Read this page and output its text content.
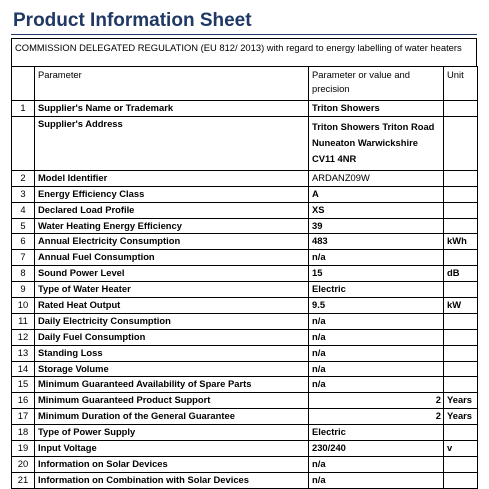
Product Information Sheet
COMMISSION DELEGATED REGULATION (EU 812/ 2013) with regard to energy labelling of water heaters
	Parameter	Parameter or value and precision	Unit
1	Supplier's Name or Trademark	Triton Showers	
	Supplier's Address	Triton Showers Triton Road Nuneaton Warwickshire CV11 4NR	
2	Model Identifier	ARDANZ09W	
3	Energy Efficiency Class	A	
4	Declared Load Profile	XS	
5	Water Heating Energy Efficiency	39	
6	Annual Electricity Consumption	483	kWh
7	Annual Fuel Consumption	n/a	
8	Sound Power Level	15	dB
9	Type of Water Heater	Electric	
10	Rated Heat Output	9.5	kW
11	Daily Electricity Consumption	n/a	
12	Daily Fuel Consumption	n/a	
13	Standing Loss	n/a	
14	Storage Volume	n/a	
15	Minimum Guaranteed Availability of Spare Parts	n/a	
16	Minimum Guaranteed Product Support	2	Years
17	Minimum Duration of the General Guarantee	2	Years
18	Type of Power Supply	Electric	
19	Input Voltage	230/240	v
20	Information on Solar Devices	n/a	
21	Information on Combination with Solar Devices	n/a	
